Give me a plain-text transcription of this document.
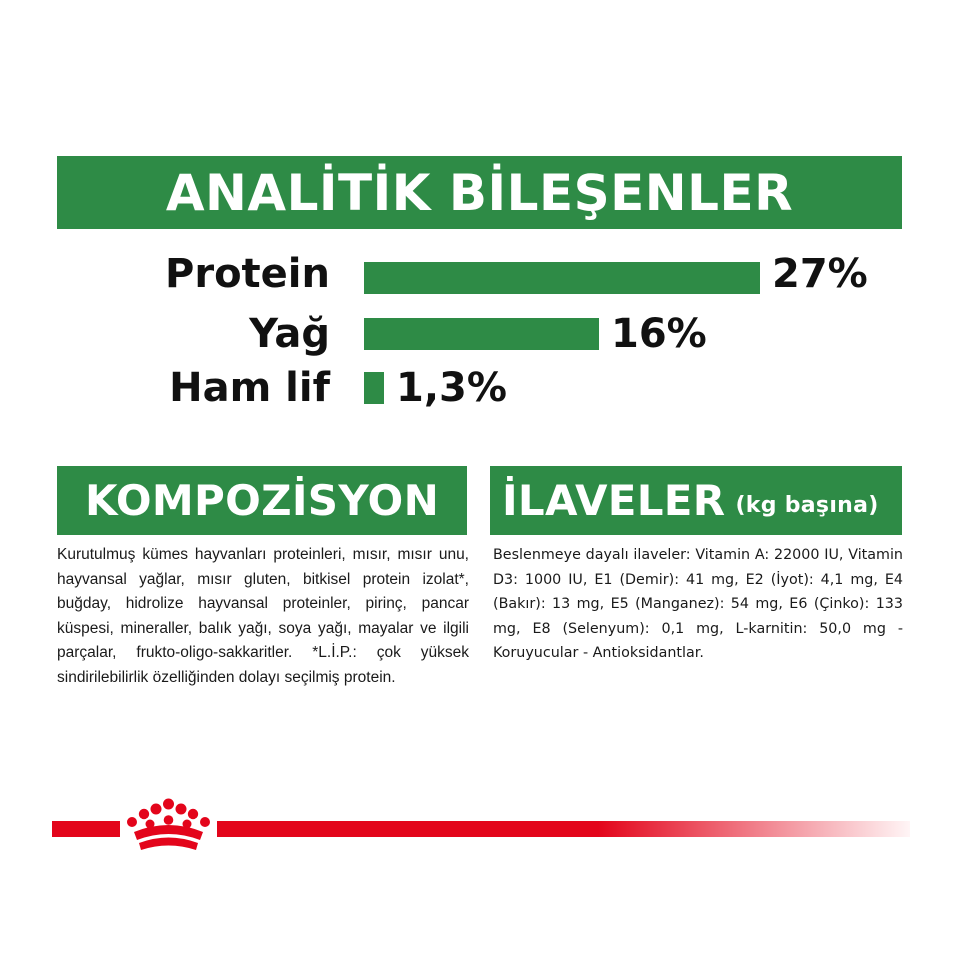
ANALİTİK BİLEŞENLER
Protein	27%
Yağ	16%
Ham lif 1,3%
KOMPOZİSYON
Kurutulmuş kümes hayvanları proteinleri, mısır, mısır unu, hayvansal yağlar, mısır gluten, bitkisel protein izolat*, buğday, hidrolize hayvansal proteinler, pirinç, pancar küspesi, mineraller, balık yağı, soya yağı, mayalar ve ilgili parçalar, frukto-oligo-sakkaritler. *L.İ.P.: çok yüksek sindirilebilirlik özelliğinden dolayı seçilmiş protein.
İLAVELER (kg başına)
Beslenmeye dayalı ilaveler: Vitamin A: 22000 IU, Vitamin D3: 1000 IU, E1 (Demir): 41 mg, E2 (İyot): 4,1 mg, E4 (Bakır): 13 mg, E5 (Manganez): 54 mg, E6 (Çinko): 133 mg, E8 (Selenyum): 0,1 mg, L-karnitin: 50,0 mg - Koruyucular - Antioksidantlar.
